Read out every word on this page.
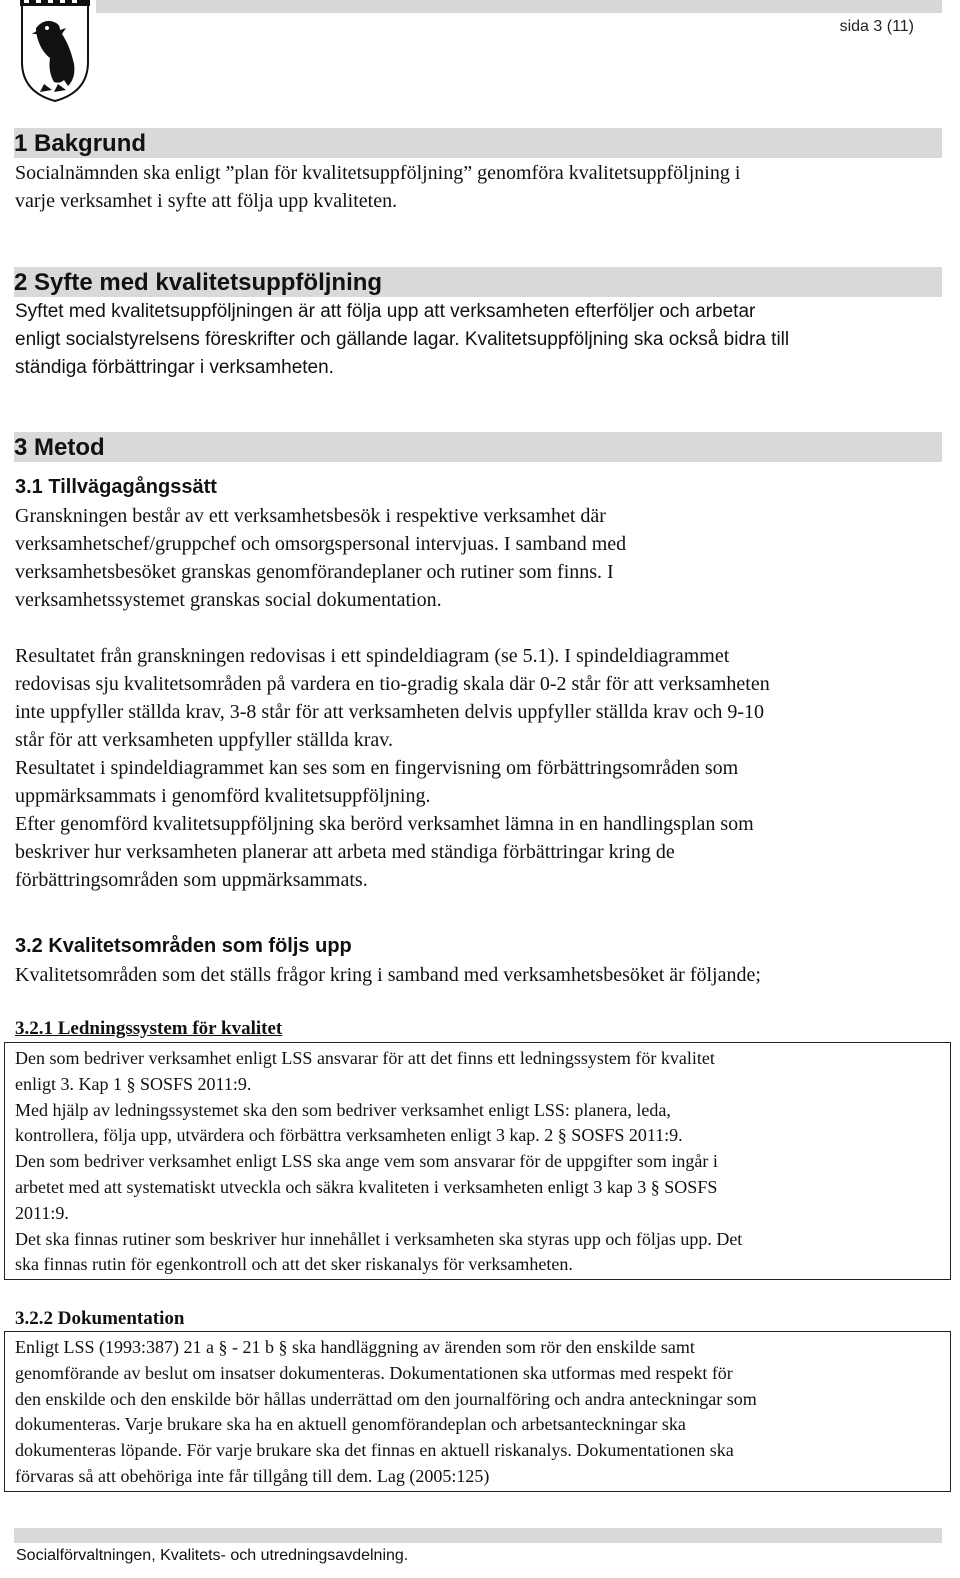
sida 3 (11)
1 Bakgrund
Socialnämnden ska enligt ”plan för kvalitetsuppföljning” genomföra kvalitetsuppföljning i
varje verksamhet i syfte att följa upp kvaliteten.
2 Syfte med kvalitetsuppföljning
Syftet med kvalitetsuppföljningen är att följa upp att verksamheten efterföljer och arbetar
enligt socialstyrelsens föreskrifter och gällande lagar. Kvalitetsuppföljning ska också bidra till
ständiga förbättringar i verksamheten.
3 Metod
3.1 Tillvägagångssätt
Granskningen består av ett verksamhetsbesök i respektive verksamhet där
verksamhetschef/gruppchef och omsorgspersonal intervjuas. I samband med
verksamhetsbesöket granskas genomförandeplaner och rutiner som finns. I
verksamhetssystemet granskas social dokumentation.
Resultatet från granskningen redovisas i ett spindeldiagram (se 5.1). I spindeldiagrammet
redovisas sju kvalitetsområden på vardera en tio-gradig skala där 0-2 står för att verksamheten
inte uppfyller ställda krav, 3-8 står för att verksamheten delvis uppfyller ställda krav och 9-10
står för att verksamheten uppfyller ställda krav.
Resultatet i spindeldiagrammet kan ses som en fingervisning om förbättringsområden som
uppmärksammats i genomförd kvalitetsuppföljning.
Efter genomförd kvalitetsuppföljning ska berörd verksamhet lämna in en handlingsplan som
beskriver hur verksamheten planerar att arbeta med ständiga förbättringar kring de
förbättringsområden som uppmärksammats.
3.2 Kvalitetsområden som följs upp
Kvalitetsområden som det ställs frågor kring i samband med verksamhetsbesöket är följande;
3.2.1 Ledningssystem för kvalitet
Den som bedriver verksamhet enligt LSS ansvarar för att det finns ett ledningssystem för kvalitet
enligt 3. Kap 1 § SOSFS 2011:9.
Med hjälp av ledningssystemet ska den som bedriver verksamhet enligt LSS: planera, leda,
kontrollera, följa upp, utvärdera och förbättra verksamheten enligt 3 kap. 2 § SOSFS 2011:9.
Den som bedriver verksamhet enligt LSS ska ange vem som ansvarar för de uppgifter som ingår i
arbetet med att systematiskt utveckla och säkra kvaliteten i verksamheten enligt 3 kap 3 § SOSFS
2011:9.
Det ska finnas rutiner som beskriver hur innehållet i verksamheten ska styras upp och följas upp. Det
ska finnas rutin för egenkontroll och att det sker riskanalys för verksamheten.
3.2.2 Dokumentation
Enligt LSS (1993:387) 21 a § - 21 b § ska handläggning av ärenden som rör den enskilde samt
genomförande av beslut om insatser dokumenteras. Dokumentationen ska utformas med respekt för
den enskilde och den enskilde bör hållas underrättad om den journalföring och andra anteckningar som
dokumenteras. Varje brukare ska ha en aktuell genomförandeplan och arbetsanteckningar ska
dokumenteras löpande. För varje brukare ska det finnas en aktuell riskanalys. Dokumentationen ska
förvaras så att obehöriga inte får tillgång till dem. Lag (2005:125)
Socialförvaltningen, Kvalitets- och utredningsavdelning.
